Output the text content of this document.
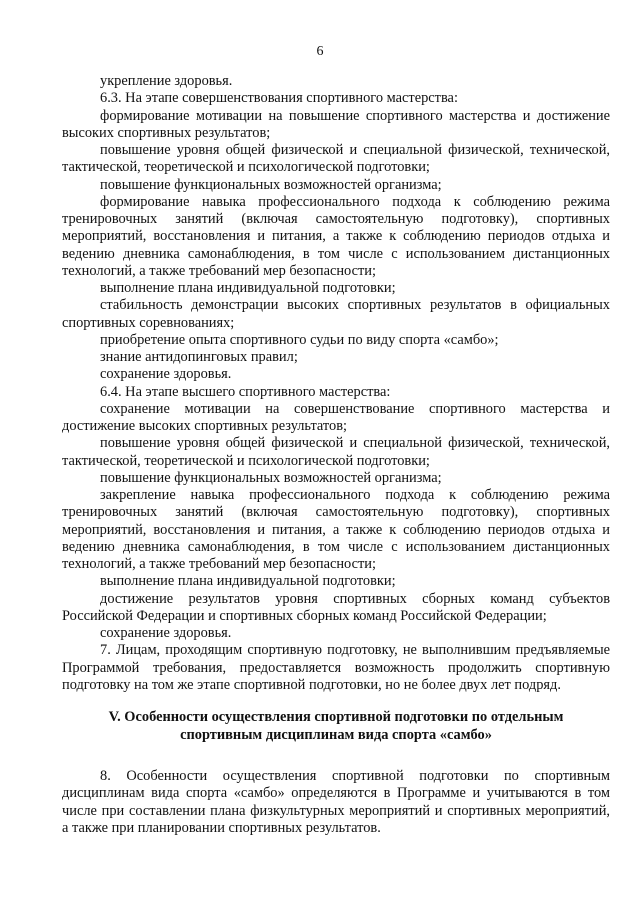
6

укрепление здоровья.

6.3. На этапе совершенствования спортивного мастерства:

формирование мотивации на повышение спортивного мастерства и достижение высоких спортивных результатов;

повышение уровня общей физической и специальной физической, технической, тактической, теоретической и психологической подготовки;

повышение функциональных возможностей организма;

формирование навыка профессионального подхода к соблюдению режима тренировочных занятий (включая самостоятельную подготовку), спортивных мероприятий, восстановления и питания, а также к соблюдению периодов отдыха и ведению дневника самонаблюдения, в том числе с использованием дистанционных технологий, а также требований мер безопасности;

выполнение плана индивидуальной подготовки;

стабильность демонстрации высоких спортивных результатов в официальных спортивных соревнованиях;

приобретение опыта спортивного судьи по виду спорта «самбо»;

знание антидопинговых правил;

сохранение здоровья.

6.4. На этапе высшего спортивного мастерства:

сохранение мотивации на совершенствование спортивного мастерства и достижение высоких спортивных результатов;

повышение уровня общей физической и специальной физической, технической, тактической, теоретической и психологической подготовки;

повышение функциональных возможностей организма;

закрепление навыка профессионального подхода к соблюдению режима тренировочных занятий (включая самостоятельную подготовку), спортивных мероприятий, восстановления и питания, а также к соблюдению периодов отдыха и ведению дневника самонаблюдения, в том числе с использованием дистанционных технологий, а также требований мер безопасности;

выполнение плана индивидуальной подготовки;

достижение результатов уровня спортивных сборных команд субъектов Российской Федерации и спортивных сборных команд Российской Федерации;

сохранение здоровья.

7. Лицам, проходящим спортивную подготовку, не выполнившим предъявляемые Программой требования, предоставляется возможность продолжить спортивную подготовку на том же этапе спортивной подготовки, но не более двух лет подряд.

V. Особенности осуществления спортивной подготовки по отдельным

спортивным дисциплинам вида спорта «самбо»

8. Особенности осуществления спортивной подготовки по спортивным дисциплинам вида спорта «самбо» определяются в Программе и учитываются в том числе при составлении плана физкультурных мероприятий и спортивных мероприятий, а также при планировании спортивных результатов.
